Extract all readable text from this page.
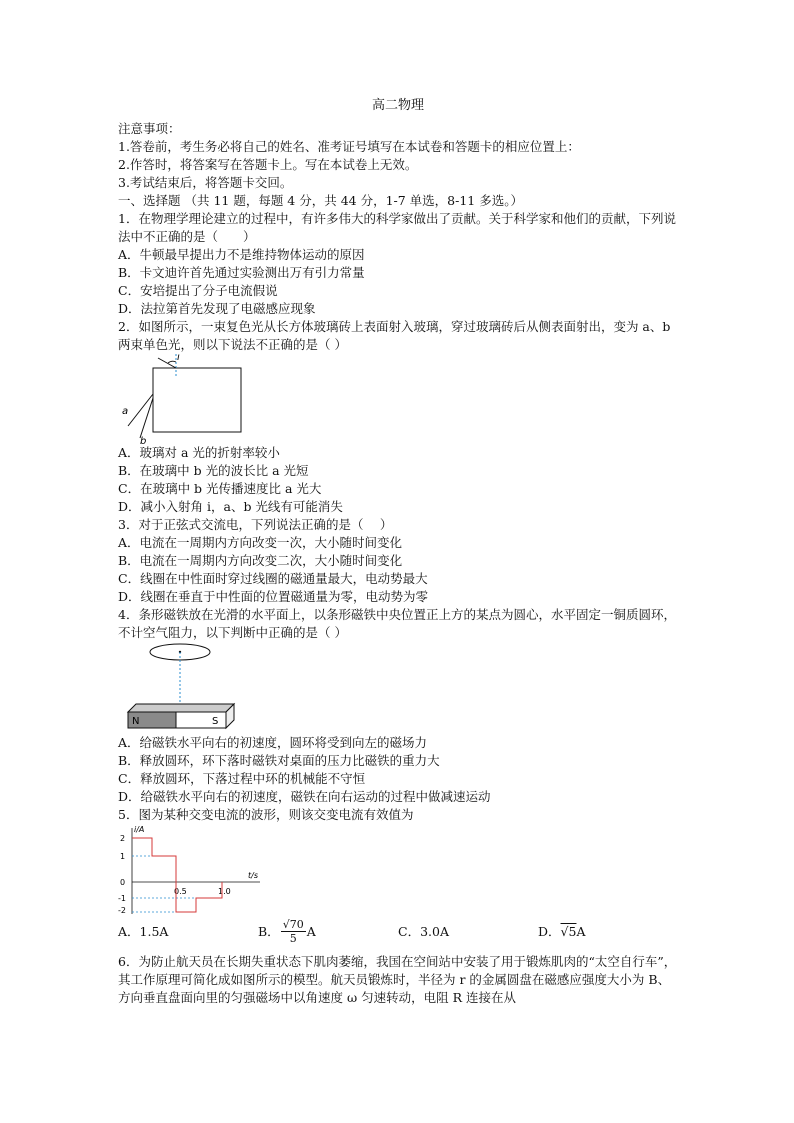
高二物理
注意事项：
1.答卷前，考生务必将自己的姓名、准考证号填写在本试卷和答题卡的相应位置上：
2.作答时，将答案写在答题卡上。写在本试卷上无效。
3.考试结束后，将答题卡交回。
一、选择题 （共 11 题，每题 4 分，共 44 分，1-7 单选，8-11 多选。）
1．在物理学理论建立的过程中，有许多伟大的科学家做出了贡献。关于科学家和他们的贡献，下列说法中不正确的是（　　）
A．牛顿最早提出力不是维持物体运动的原因
B．卡文迪许首先通过实验测出万有引力常量
C．安培提出了分子电流假说
D．法拉第首先发现了电磁感应现象
2．如图所示，一束复色光从长方体玻璃砖上表面射入玻璃，穿过玻璃砖后从侧表面射出，变为 a、b 两束单色光，则以下说法不正确的是（ ）
i
a
b
A．玻璃对 a 光的折射率较小
B．在玻璃中 b 光的波长比 a 光短
C．在玻璃中 b 光传播速度比 a 光大
D．减小入射角 i，a、b 光线有可能消失
3．对于正弦式交流电，下列说法正确的是（　 ）
A．电流在一周期内方向改变一次，大小随时间变化
B．电流在一周期内方向改变二次，大小随时间变化
C．线圈在中性面时穿过线圈的磁通量最大，电动势最大
D．线圈在垂直于中性面的位置磁通量为零，电动势为零
4．条形磁铁放在光滑的水平面上，以条形磁铁中央位置正上方的某点为圆心，水平固定一铜质圆环，不计空气阻力，以下判断中正确的是（ ）
N	S
A．给磁铁水平向右的初速度，圆环将受到向左的磁场力
B．释放圆环，环下落时磁铁对桌面的压力比磁铁的重力大
C．释放圆环，下落过程中环的机械能不守恒
D．给磁铁水平向右的初速度，磁铁在向右运动的过程中做减速运动
5．图为某种交变电流的波形，则该交变电流有效值为
i/A
t/s
2
1
0
-1
-2
0.5	1.0
A．1.5A	B． $\frac{√70}{5}$ A	C．3.0A	D． √5 A
6．为防止航天员在长期失重状态下肌肉萎缩，我国在空间站中安装了用于锻炼肌肉的“太空自行车”，其工作原理可简化成如图所示的模型。航天员锻炼时，半径为 r 的金属圆盘在磁感应强度大小为 B、方向垂直盘面向里的匀强磁场中以角速度 ω 匀速转动，电阻 R 连接在从
